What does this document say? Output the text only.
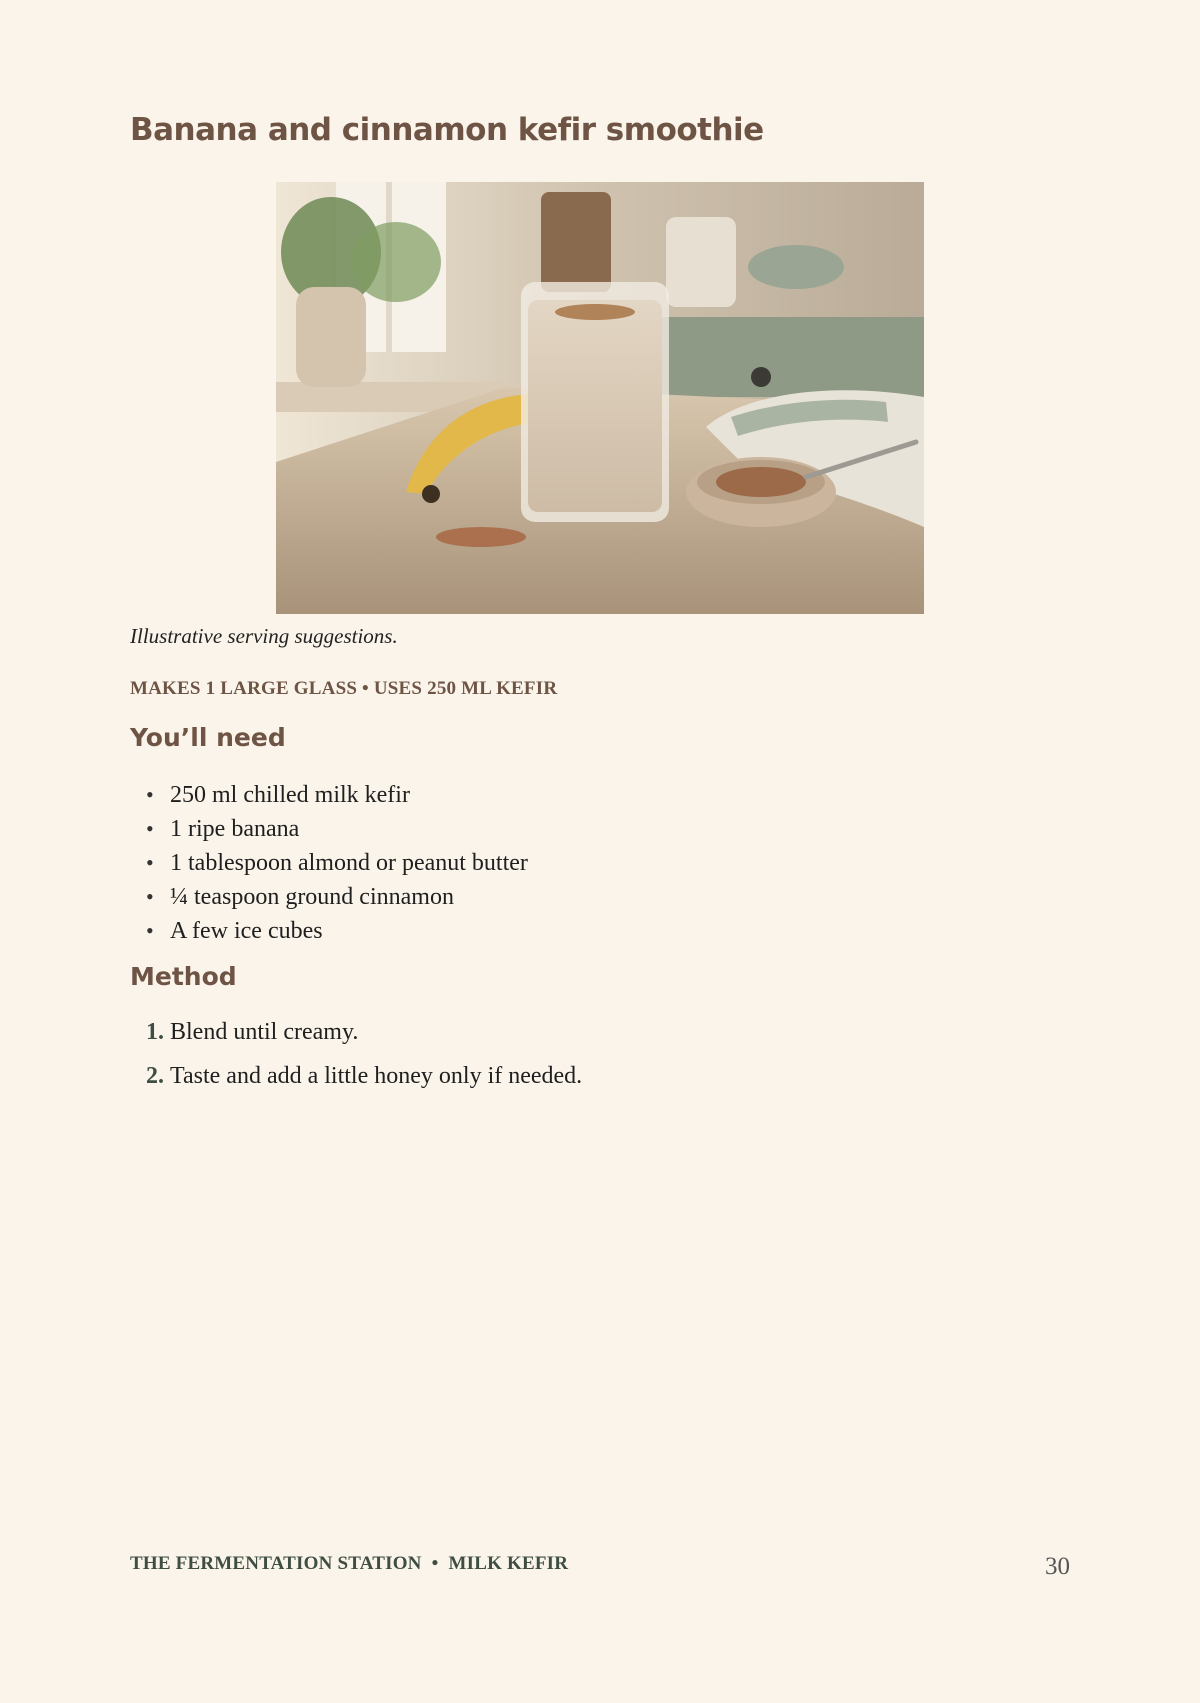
Banana and cinnamon kefir smoothie

Illustrative serving suggestions.

MAKES 1 LARGE GLASS • USES 250 ML KEFIR

You’ll need
• 250 ml chilled milk kefir
• 1 ripe banana
• 1 tablespoon almond or peanut butter
• ¼ teaspoon ground cinnamon
• A few ice cubes
Method
1. Blend until creamy.
2. Taste and add a little honey only if needed.
THE FERMENTATION STATION • MILK KEFIR	30
